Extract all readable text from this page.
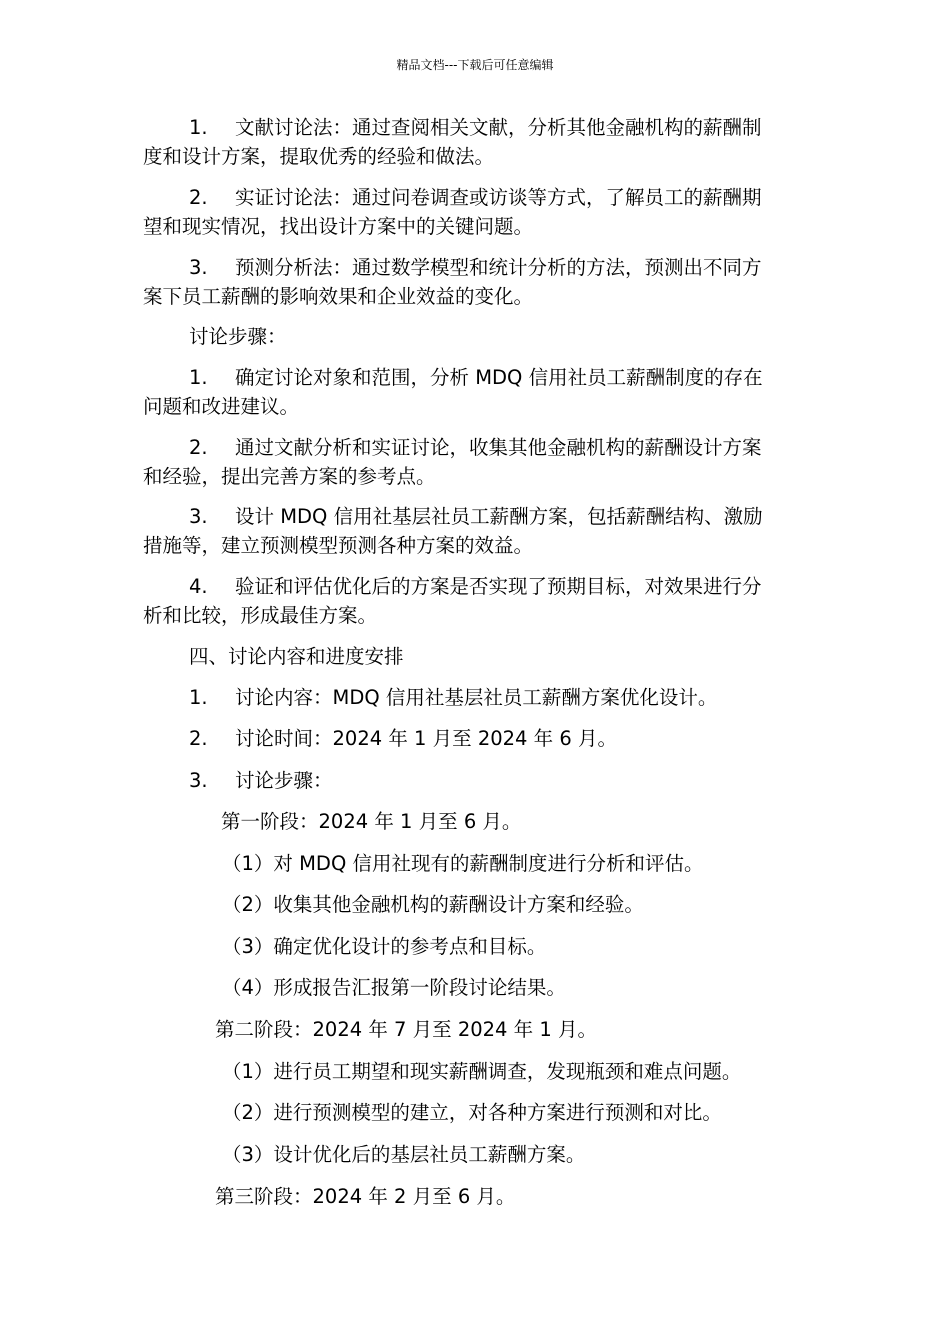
精品文档---下载后可任意编辑
1. 文献讨论法：通过查阅相关文献，分析其他金融机构的薪酬制
度和设计方案，提取优秀的经验和做法。
2. 实证讨论法：通过问卷调查或访谈等方式，了解员工的薪酬期
望和现实情况，找出设计方案中的关键问题。
3. 预测分析法：通过数学模型和统计分析的方法，预测出不同方
案下员工薪酬的影响效果和企业效益的变化。
讨论步骤：
1. 确定讨论对象和范围，分析 MDQ 信用社员工薪酬制度的存在
问题和改进建议。
2. 通过文献分析和实证讨论，收集其他金融机构的薪酬设计方案
和经验，提出完善方案的参考点。
3. 设计 MDQ 信用社基层社员工薪酬方案，包括薪酬结构、激励
措施等，建立预测模型预测各种方案的效益。
4. 验证和评估优化后的方案是否实现了预期目标，对效果进行分
析和比较，形成最佳方案。
四、讨论内容和进度安排
1. 讨论内容：MDQ 信用社基层社员工薪酬方案优化设计。
2. 讨论时间：2024 年 1 月至 2024 年 6 月。
3. 讨论步骤：
第一阶段：2024 年 1 月至 6 月。
（1）对 MDQ 信用社现有的薪酬制度进行分析和评估。
（2）收集其他金融机构的薪酬设计方案和经验。
（3）确定优化设计的参考点和目标。
（4）形成报告汇报第一阶段讨论结果。
第二阶段：2024 年 7 月至 2024 年 1 月。
（1）进行员工期望和现实薪酬调查，发现瓶颈和难点问题。
（2）进行预测模型的建立，对各种方案进行预测和对比。
（3）设计优化后的基层社员工薪酬方案。
第三阶段：2024 年 2 月至 6 月。
